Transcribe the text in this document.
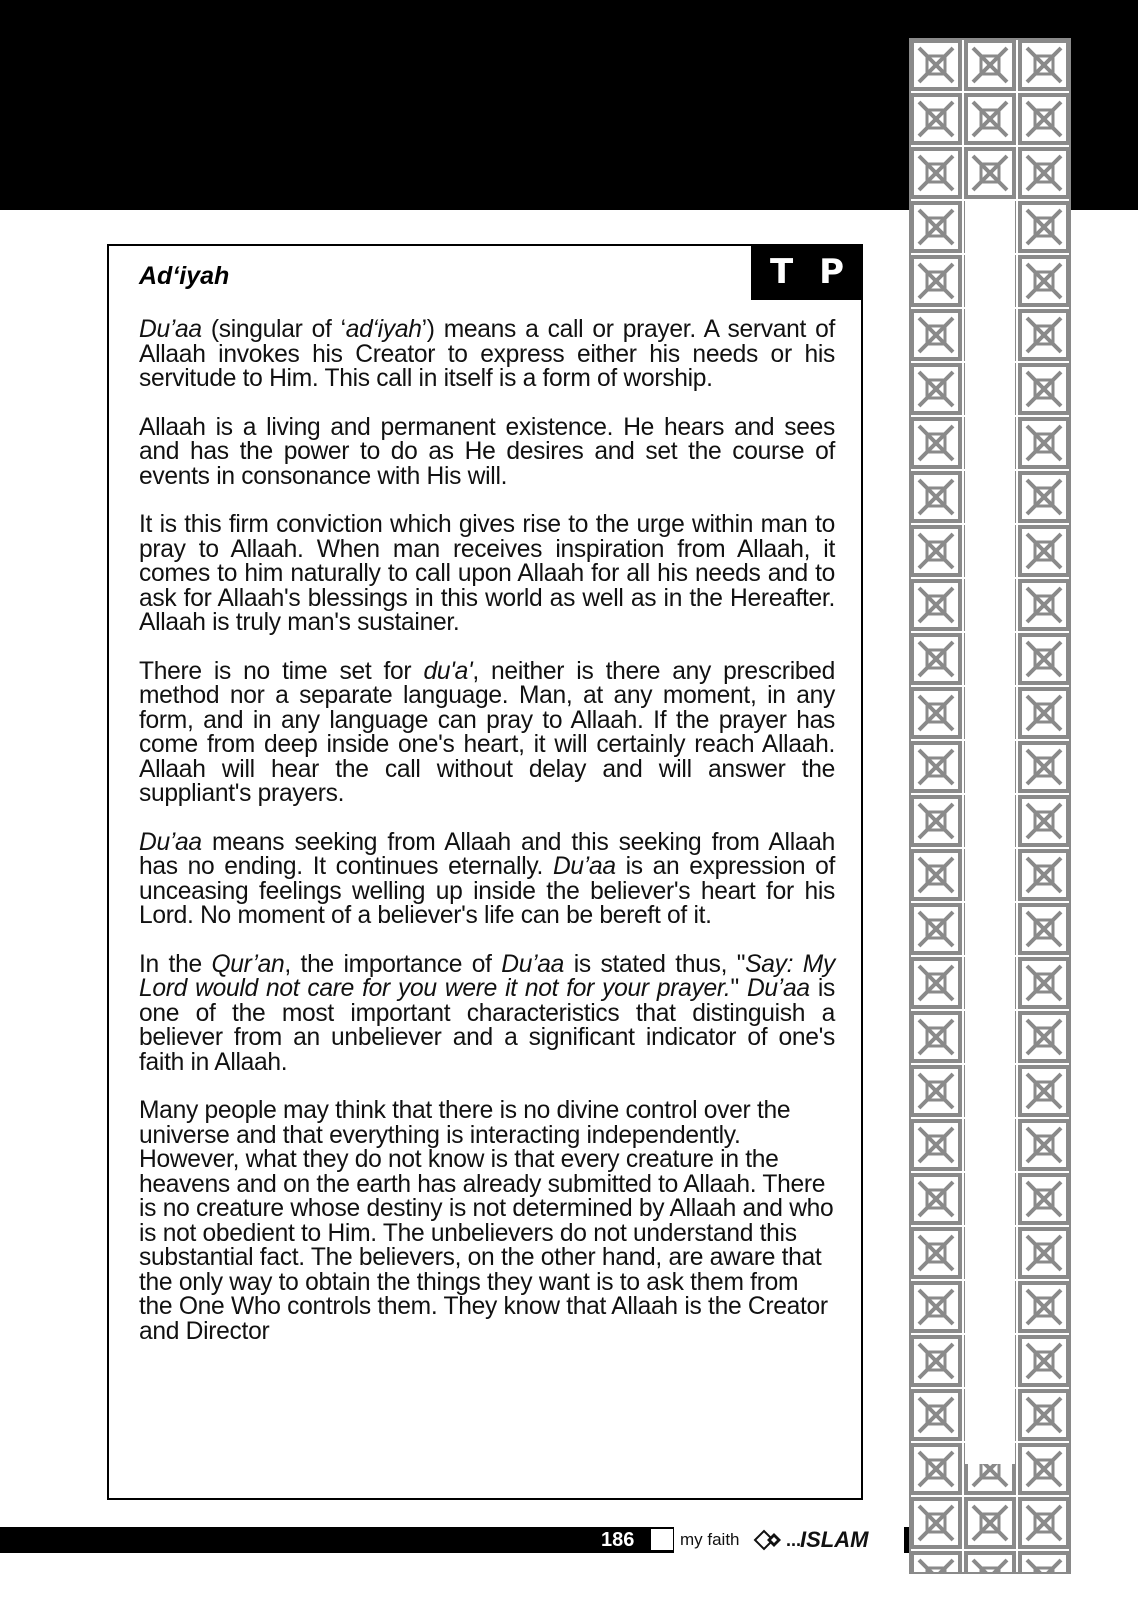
T P
Ad‘iyah

Du’aa (singular of ‘ad‘iyah’) means a call or prayer. A servant of Allaah invokes his Creator to express either his needs or his servitude to Him. This call in itself is a form of worship.

Allaah is a living and permanent existence. He hears and sees and has the power to do as He desires and set the course of events in consonance with His will.

It is this firm conviction which gives rise to the urge within man to pray to Allaah. When man receives inspiration from Allaah, it comes to him naturally to call upon Allaah for all his needs and to ask for Allaah's blessings in this world as well as in the Hereafter. Allaah is truly man's sustainer.

There is no time set for du'a', neither is there any prescribed method nor a separate language. Man, at any moment, in any form, and in any language can pray to Allaah. If the prayer has come from deep inside one's heart, it will certainly reach Allaah. Allaah will hear the call without delay and will answer the suppliant's prayers.

Du’aa means seeking from Allaah and this seeking from Allaah has no ending. It continues eternally. Du’aa is an expression of unceasing feelings welling up inside the believer's heart for his Lord. No moment of a believer's life can be bereft of it.

In the Qur’an, the importance of Du’aa is stated thus, "Say: My Lord would not care for you were it not for your prayer." Du’aa is one of the most important characteristics that distinguish a believer from an unbeliever and a significant indicator of one's faith in Allaah.

Many people may think that there is no divine control over the universe and that everything is interacting independently. However, what they do not know is that every creature in the heavens and on the earth has already submitted to Allaah. There is no creature whose destiny is not determined by Allaah and who is not obedient to Him. The unbelievers do not understand this substantial fact. The believers, on the other hand, are aware that the only way to obtain the things they want is to ask them from the One Who controls them. They know that Allaah is the Creator and Director

186	my faith	...
ISLAM
